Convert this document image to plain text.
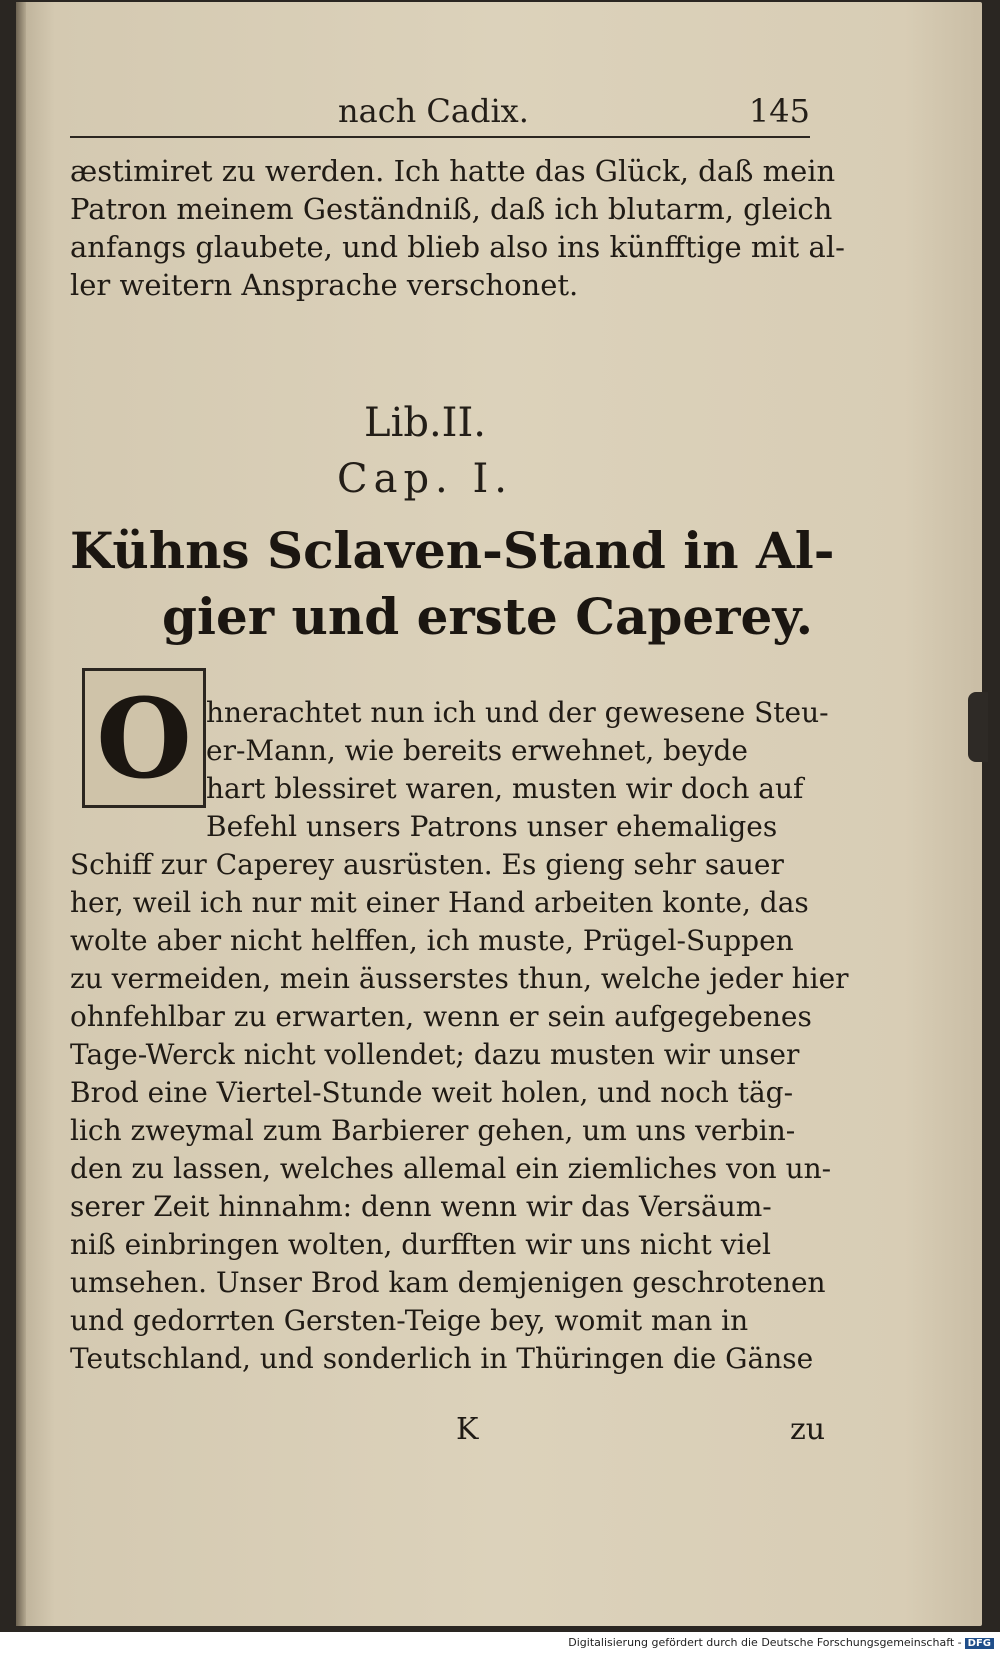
nach Cadix.	145
æstimiret zu werden. Ich hatte das Glück, daß mein
Patron meinem Geständniß, daß ich blutarm, gleich
anfangs glaubete, und blieb also ins künfftige mit al-
ler weitern Ansprache verschonet.
Lib.II.
Cap. I.
Kühns Sclaven-Stand in Al-
gier und erste Caperey.
O hnerachtet nun ich und der gewesene Steu-
er-Mann, wie bereits erwehnet, beyde
hart blessiret waren, musten wir doch auf
Befehl unsers Patrons unser ehemaliges
Schiff zur Caperey ausrüsten. Es gieng sehr sauer
her, weil ich nur mit einer Hand arbeiten konte, das
wolte aber nicht helffen, ich muste, Prügel-Suppen
zu vermeiden, mein äusserstes thun, welche jeder hier
ohnfehlbar zu erwarten, wenn er sein aufgegebenes
Tage-Werck nicht vollendet; dazu musten wir unser
Brod eine Viertel-Stunde weit holen, und noch täg-
lich zweymal zum Barbierer gehen, um uns verbin-
den zu lassen, welches allemal ein ziemliches von un-
serer Zeit hinnahm: denn wenn wir das Versäum-
niß einbringen wolten, durfften wir uns nicht viel
umsehen. Unser Brod kam demjenigen geschrotenen
und gedorrten Gersten-Teige bey, womit man in
Teutschland, und sonderlich in Thüringen die Gänse
K	zu
Digitalisierung gefördert durch die Deutsche Forschungsgemeinschaft - DFG
